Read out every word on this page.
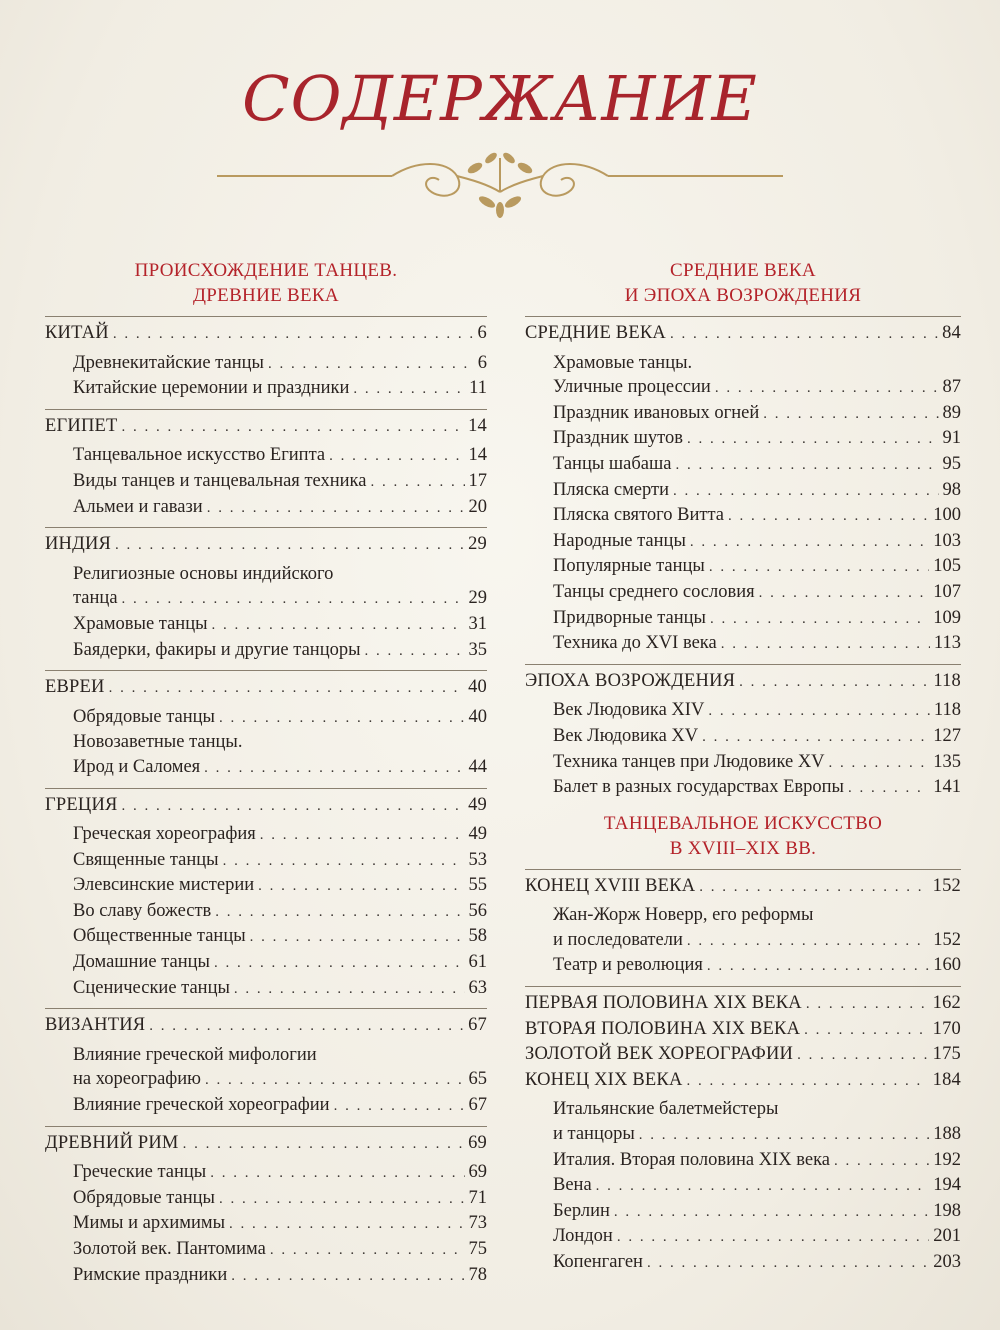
СОДЕРЖАНИЕ
ПРОИСХОЖДЕНИЕ ТАНЦЕВ.
ДРЕВНИЕ ВЕКА
КИТАЙ . . .	6
Древнекитайские танцы . . .	6
Китайские церемонии и праздники . . .	11
ЕГИПЕТ . . .	14
Танцевальное искусство Египта . . .	14
Виды танцев и танцевальная техника . . .	17
Альмеи и гавази . . .	20
ИНДИЯ . . .	29
Религиозные основы индийского
танца . . .	29
Храмовые танцы . . .	31
Баядерки, факиры и другие танцоры . . .	35
ЕВРЕИ . . .	40
Обрядовые танцы . . .	40
Новозаветные танцы.
Ирод и Саломея . . .	44
ГРЕЦИЯ . . .	49
Греческая хореография . . .	49
Священные танцы . . .	53
Элевсинские мистерии . . .	55
Во славу божеств . . .	56
Общественные танцы . . .	58
Домашние танцы . . .	61
Сценические танцы . . .	63
ВИЗАНТИЯ . . .	67
Влияние греческой мифологии
на хореографию . . .	65
Влияние греческой хореографии . . .	67
ДРЕВНИЙ РИМ . . .	69
Греческие танцы . . .	69
Обрядовые танцы . . .	71
Мимы и архимимы . . .	73
Золотой век. Пантомима . . .	75
Римские праздники . . .	78
СРЕДНИЕ ВЕКА
И ЭПОХА ВОЗРОЖДЕНИЯ
СРЕДНИЕ ВЕКА . . .	84
Храмовые танцы.
Уличные процессии . . .	87
Праздник ивановых огней . . .	89
Праздник шутов . . .	91
Танцы шабаша . . .	95
Пляска смерти . . .	98
Пляска святого Витта . . .	100
Народные танцы . . .	103
Популярные танцы . . .	105
Танцы среднего сословия . . .	107
Придворные танцы . . .	109
Техника до XVI века . . .	113
ЭПОХА ВОЗРОЖДЕНИЯ . . .	118
Век Людовика XIV . . .	118
Век Людовика XV . . .	127
Техника танцев при Людовике XV . . .	135
Балет в разных государствах Европы . . .	141
ТАНЦЕВАЛЬНОЕ ИСКУССТВО
В XVIII–XIX ВВ.
КОНЕЦ XVIII ВЕКА . . .	152
Жан-Жорж Новерр, его реформы
и последователи . . .	152
Театр и революция . . .	160
ПЕРВАЯ ПОЛОВИНА XIX ВЕКА . . .	162
ВТОРАЯ ПОЛОВИНА XIX ВЕКА . . .	170
ЗОЛОТОЙ ВЕК ХОРЕОГРАФИИ . . .	175
КОНЕЦ XIX ВЕКА . . .	184
Итальянские балетмейстеры
и танцоры . . .	188
Италия. Вторая половина XIX века . . .	192
Вена . . .	194
Берлин . . .	198
Лондон . . .	201
Копенгаген . . .	203
